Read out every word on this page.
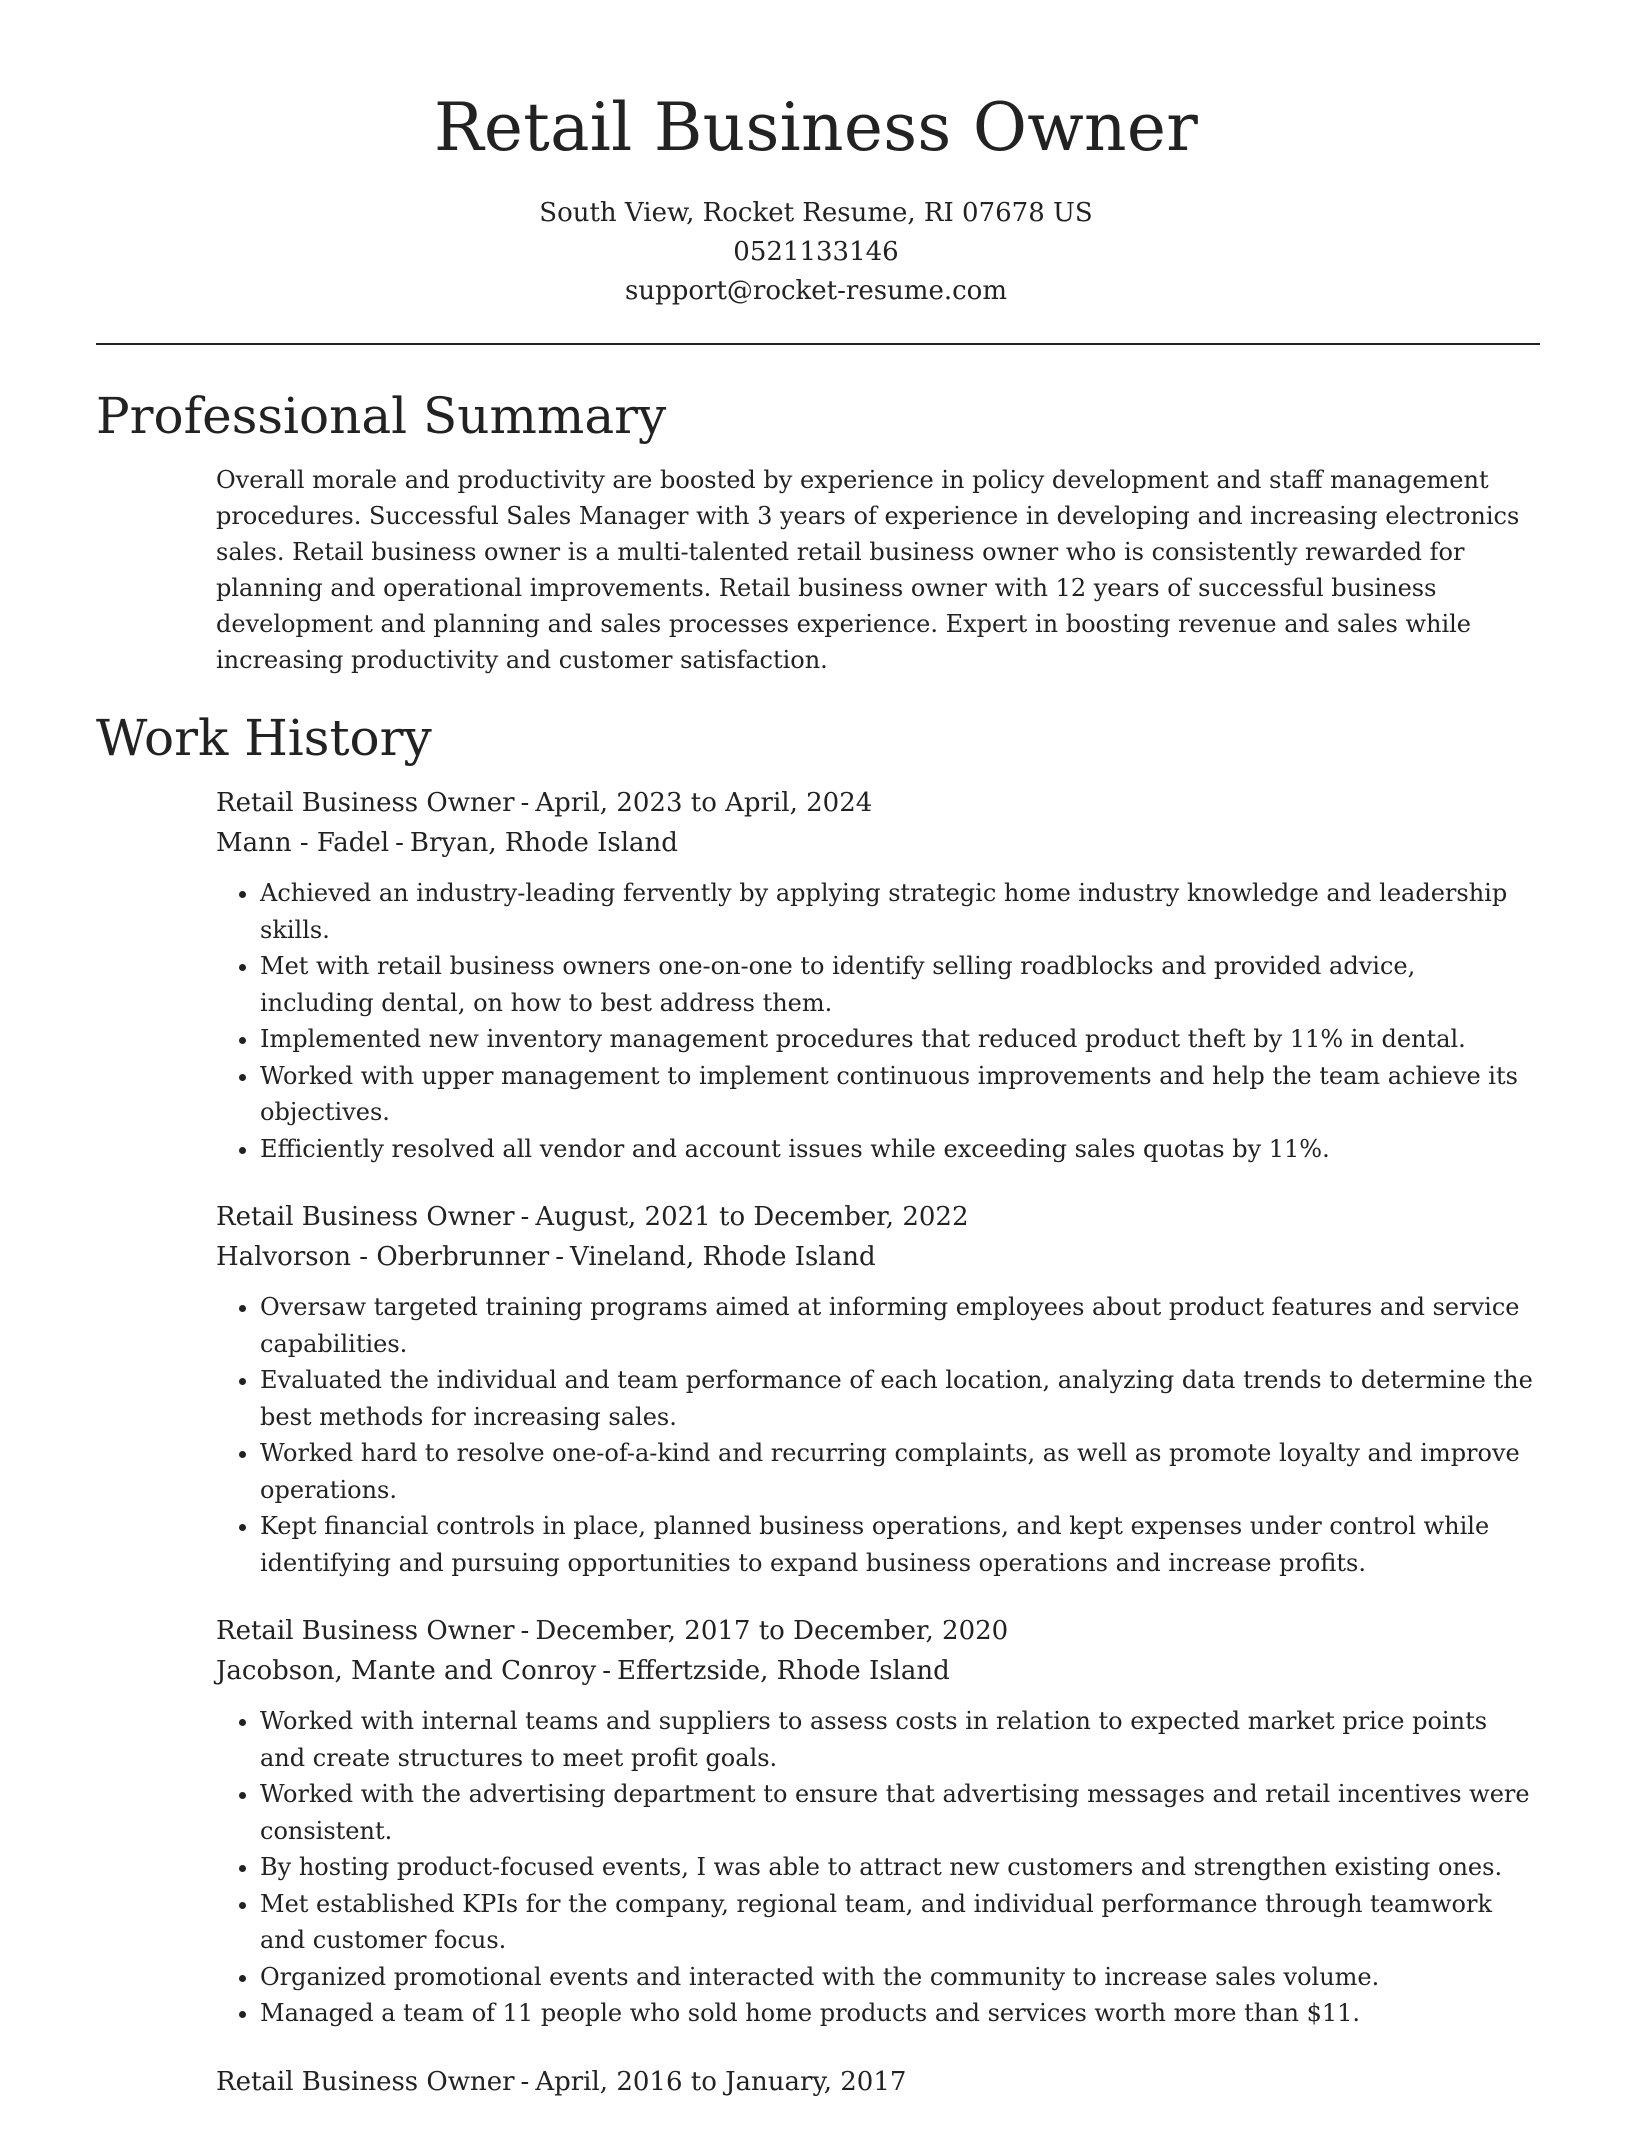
Retail Business Owner
South View, Rocket Resume, RI 07678 US
0521133146
support@rocket-resume.com
Professional Summary

Overall morale and productivity are boosted by experience in policy development and staff management procedures. Successful Sales Manager with 3 years of experience in developing and increasing electronics sales. Retail business owner is a multi-talented retail business owner who is consistently rewarded for planning and operational improvements. Retail business owner with 12 years of successful business development and planning and sales processes experience. Expert in boosting revenue and sales while increasing productivity and customer satisfaction.

Work History

Retail Business Owner - April, 2023 to April, 2024

Mann - Fadel - Bryan, Rhode Island

• Achieved an industry-leading fervently by applying strategic home industry knowledge and leadership skills.
• Met with retail business owners one-on-one to identify selling roadblocks and provided advice, including dental, on how to best address them.
• Implemented new inventory management procedures that reduced product theft by 11% in dental.
• Worked with upper management to implement continuous improvements and help the team achieve its objectives.
• Efficiently resolved all vendor and account issues while exceeding sales quotas by 11%.

Retail Business Owner - August, 2021 to December, 2022

Halvorson - Oberbrunner - Vineland, Rhode Island

• Oversaw targeted training programs aimed at informing employees about product features and service capabilities.
• Evaluated the individual and team performance of each location, analyzing data trends to determine the best methods for increasing sales.
• Worked hard to resolve one-of-a-kind and recurring complaints, as well as promote loyalty and improve operations.
• Kept financial controls in place, planned business operations, and kept expenses under control while identifying and pursuing opportunities to expand business operations and increase profits.

Retail Business Owner - December, 2017 to December, 2020

Jacobson, Mante and Conroy - Effertzside, Rhode Island

• Worked with internal teams and suppliers to assess costs in relation to expected market price points and create structures to meet profit goals.
• Worked with the advertising department to ensure that advertising messages and retail incentives were consistent.
• By hosting product-focused events, I was able to attract new customers and strengthen existing ones.
• Met established KPIs for the company, regional team, and individual performance through teamwork and customer focus.
• Organized promotional events and interacted with the community to increase sales volume.
• Managed a team of 11 people who sold home products and services worth more than $11.

Retail Business Owner - April, 2016 to January, 2017
